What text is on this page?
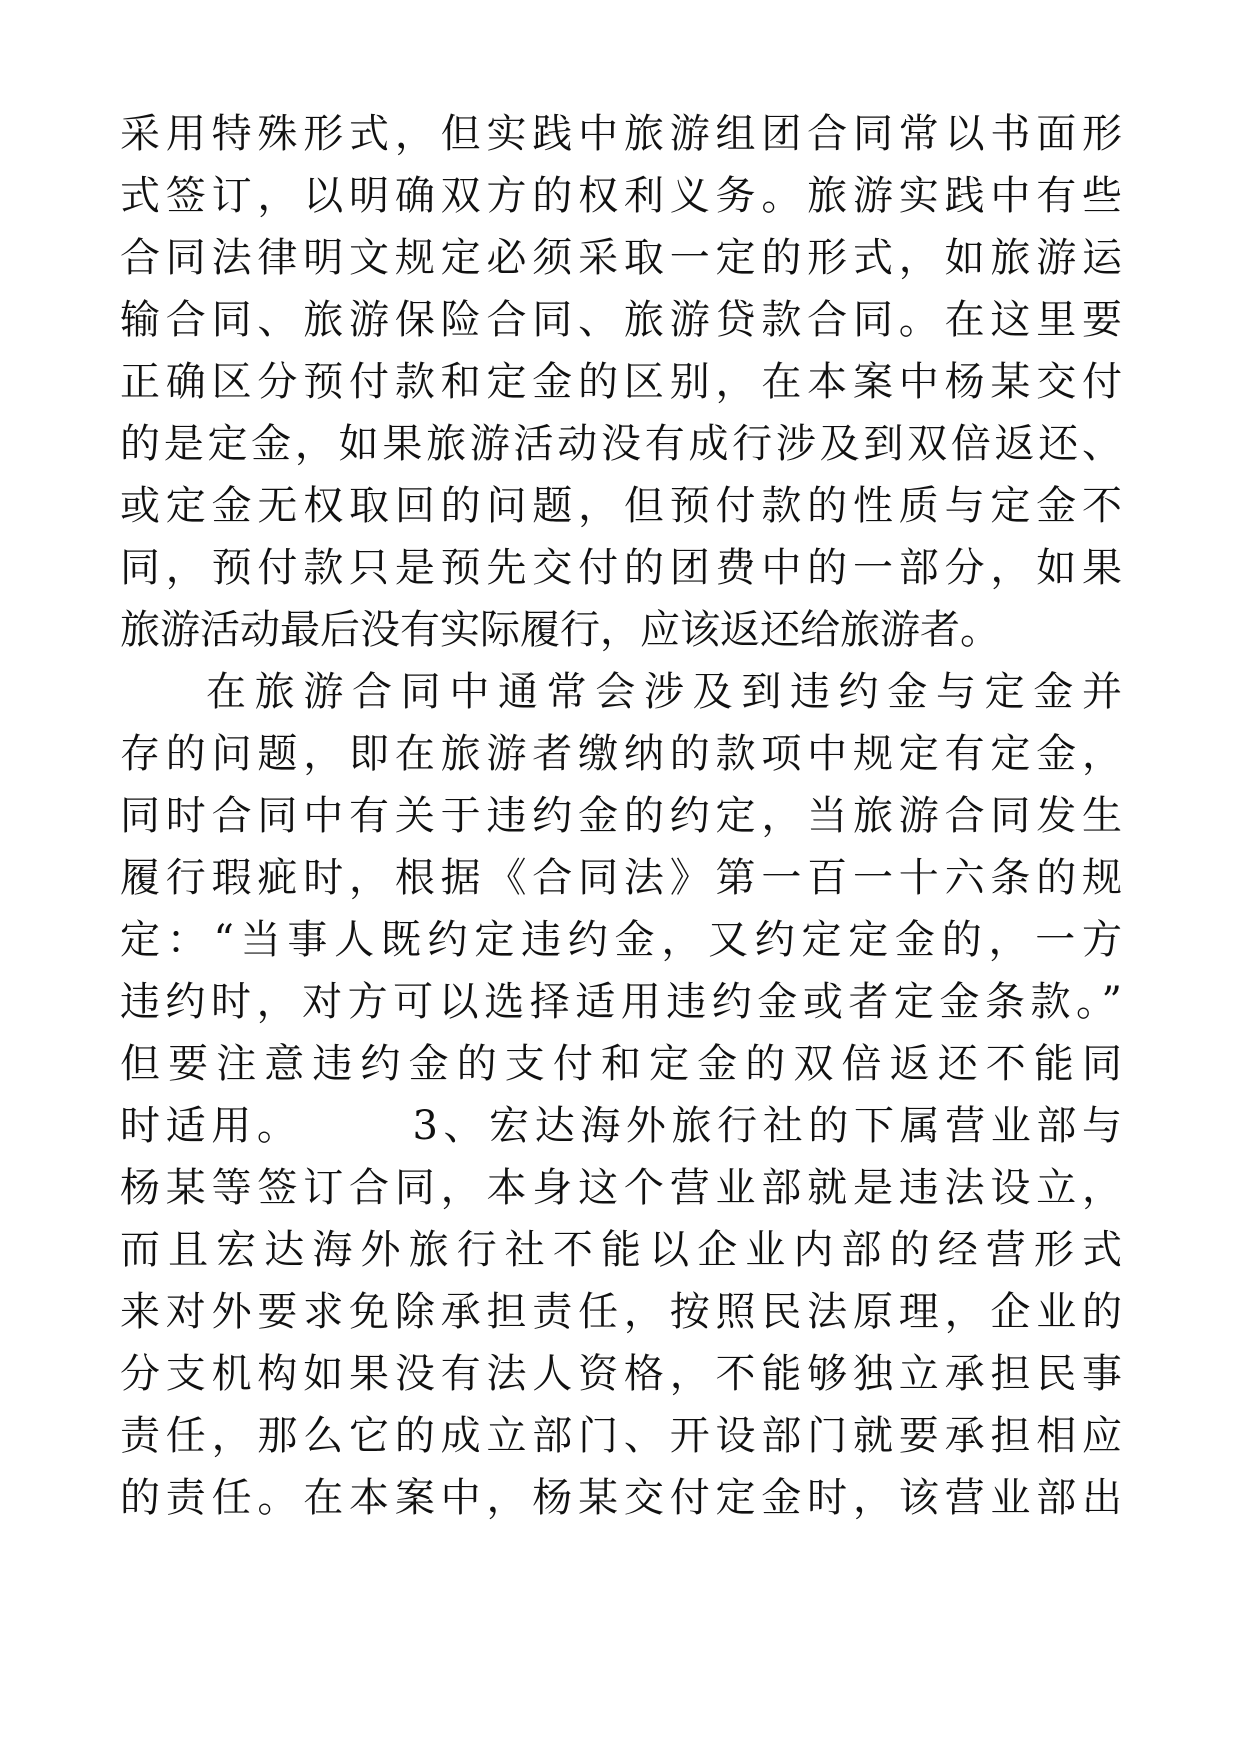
采用特殊形式，但实践中旅游组团合同常以书面形
式签订，以明确双方的权利义务。旅游实践中有些
合同法律明文规定必须采取一定的形式，如旅游运
输合同、旅游保险合同、旅游贷款合同。在这里要
正确区分预付款和定金的区别，在本案中杨某交付
的是定金，如果旅游活动没有成行涉及到双倍返还、
或定金无权取回的问题，但预付款的性质与定金不
同，预付款只是预先交付的团费中的一部分，如果
旅游活动最后没有实际履行，应该返还给旅游者。
在旅游合同中通常会涉及到违约金与定金并
存的问题，即在旅游者缴纳的款项中规定有定金，
同时合同中有关于违约金的约定，当旅游合同发生
履行瑕疵时，根据《合同法》第一百一十六条的规
定：“当事人既约定违约金，又约定定金的，一方
违约时，对方可以选择适用违约金或者定金条款。”
但要注意违约金的支付和定金的双倍返还不能同
时适用。	3、宏达海外旅行社的下属营业部与
杨某等签订合同，本身这个营业部就是违法设立，
而且宏达海外旅行社不能以企业内部的经营形式
来对外要求免除承担责任，按照民法原理，企业的
分支机构如果没有法人资格，不能够独立承担民事
责任，那么它的成立部门、开设部门就要承担相应
的责任。在本案中，杨某交付定金时，该营业部出
